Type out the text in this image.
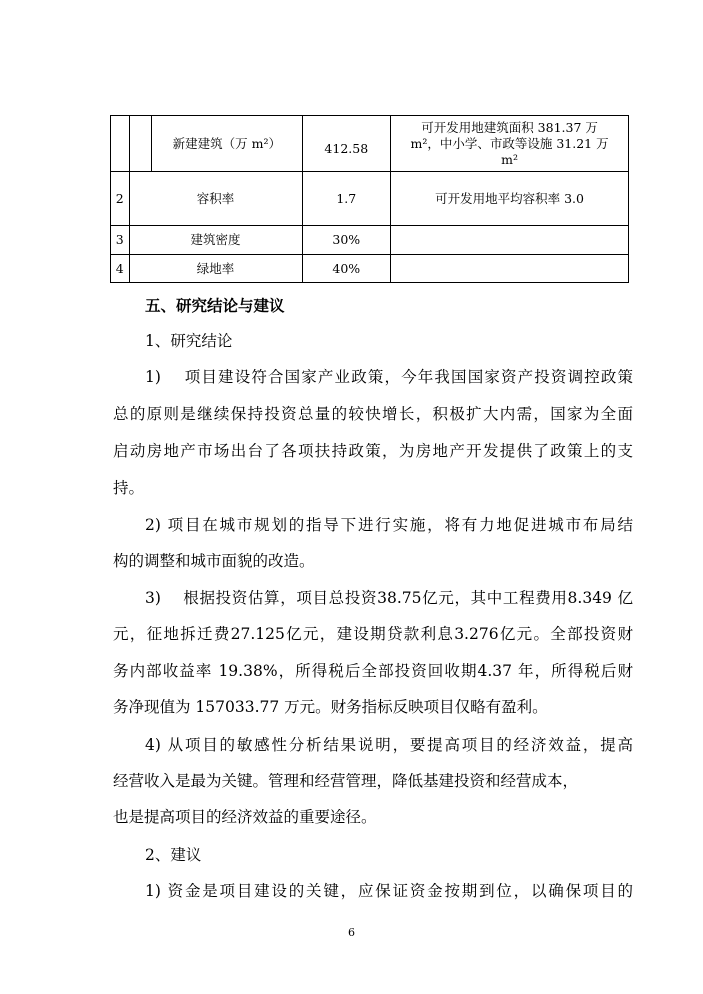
		新建建筑（万 m²）	412.58	可开发用地建筑面积 381.37 万
m²，中小学、市政等设施 31.21 万
m²

2	容积率		1.7	可开发用地平均容积率 3.0
3	建筑密度		30%	
4	绿地率		40%	
五、研究结论与建议
1、研究结论
1)　 项目建设符合国家产业政策，今年我国国家资产投资调控政策
总的原则是继续保持投资总量的较快增长，积极扩大内需，国家为全面
启动房地产市场出台了各项扶持政策，为房地产开发提供了政策上的支
持。
2) 项目在城市规划的指导下进行实施，将有力地促进城市布局结
构的调整和城市面貌的改造。
3)　 根据投资估算，项目总投资38.75亿元，其中工程费用8.349 亿
元，征地拆迁费27.125亿元，建设期贷款利息3.276亿元。全部投资财
务内部收益率 19.38%，所得税后全部投资回收期4.37 年，所得税后财
务净现值为 157033.77 万元。财务指标反映项目仅略有盈利。
4) 从项目的敏感性分析结果说明，要提高项目的经济效益，提高
经营收入是最为关键。管理和经营管理，降低基建投资和经营成本，
也是提高项目的经济效益的重要途径。
2、建议
1) 资金是项目建设的关键，应保证资金按期到位，以确保项目的
6
